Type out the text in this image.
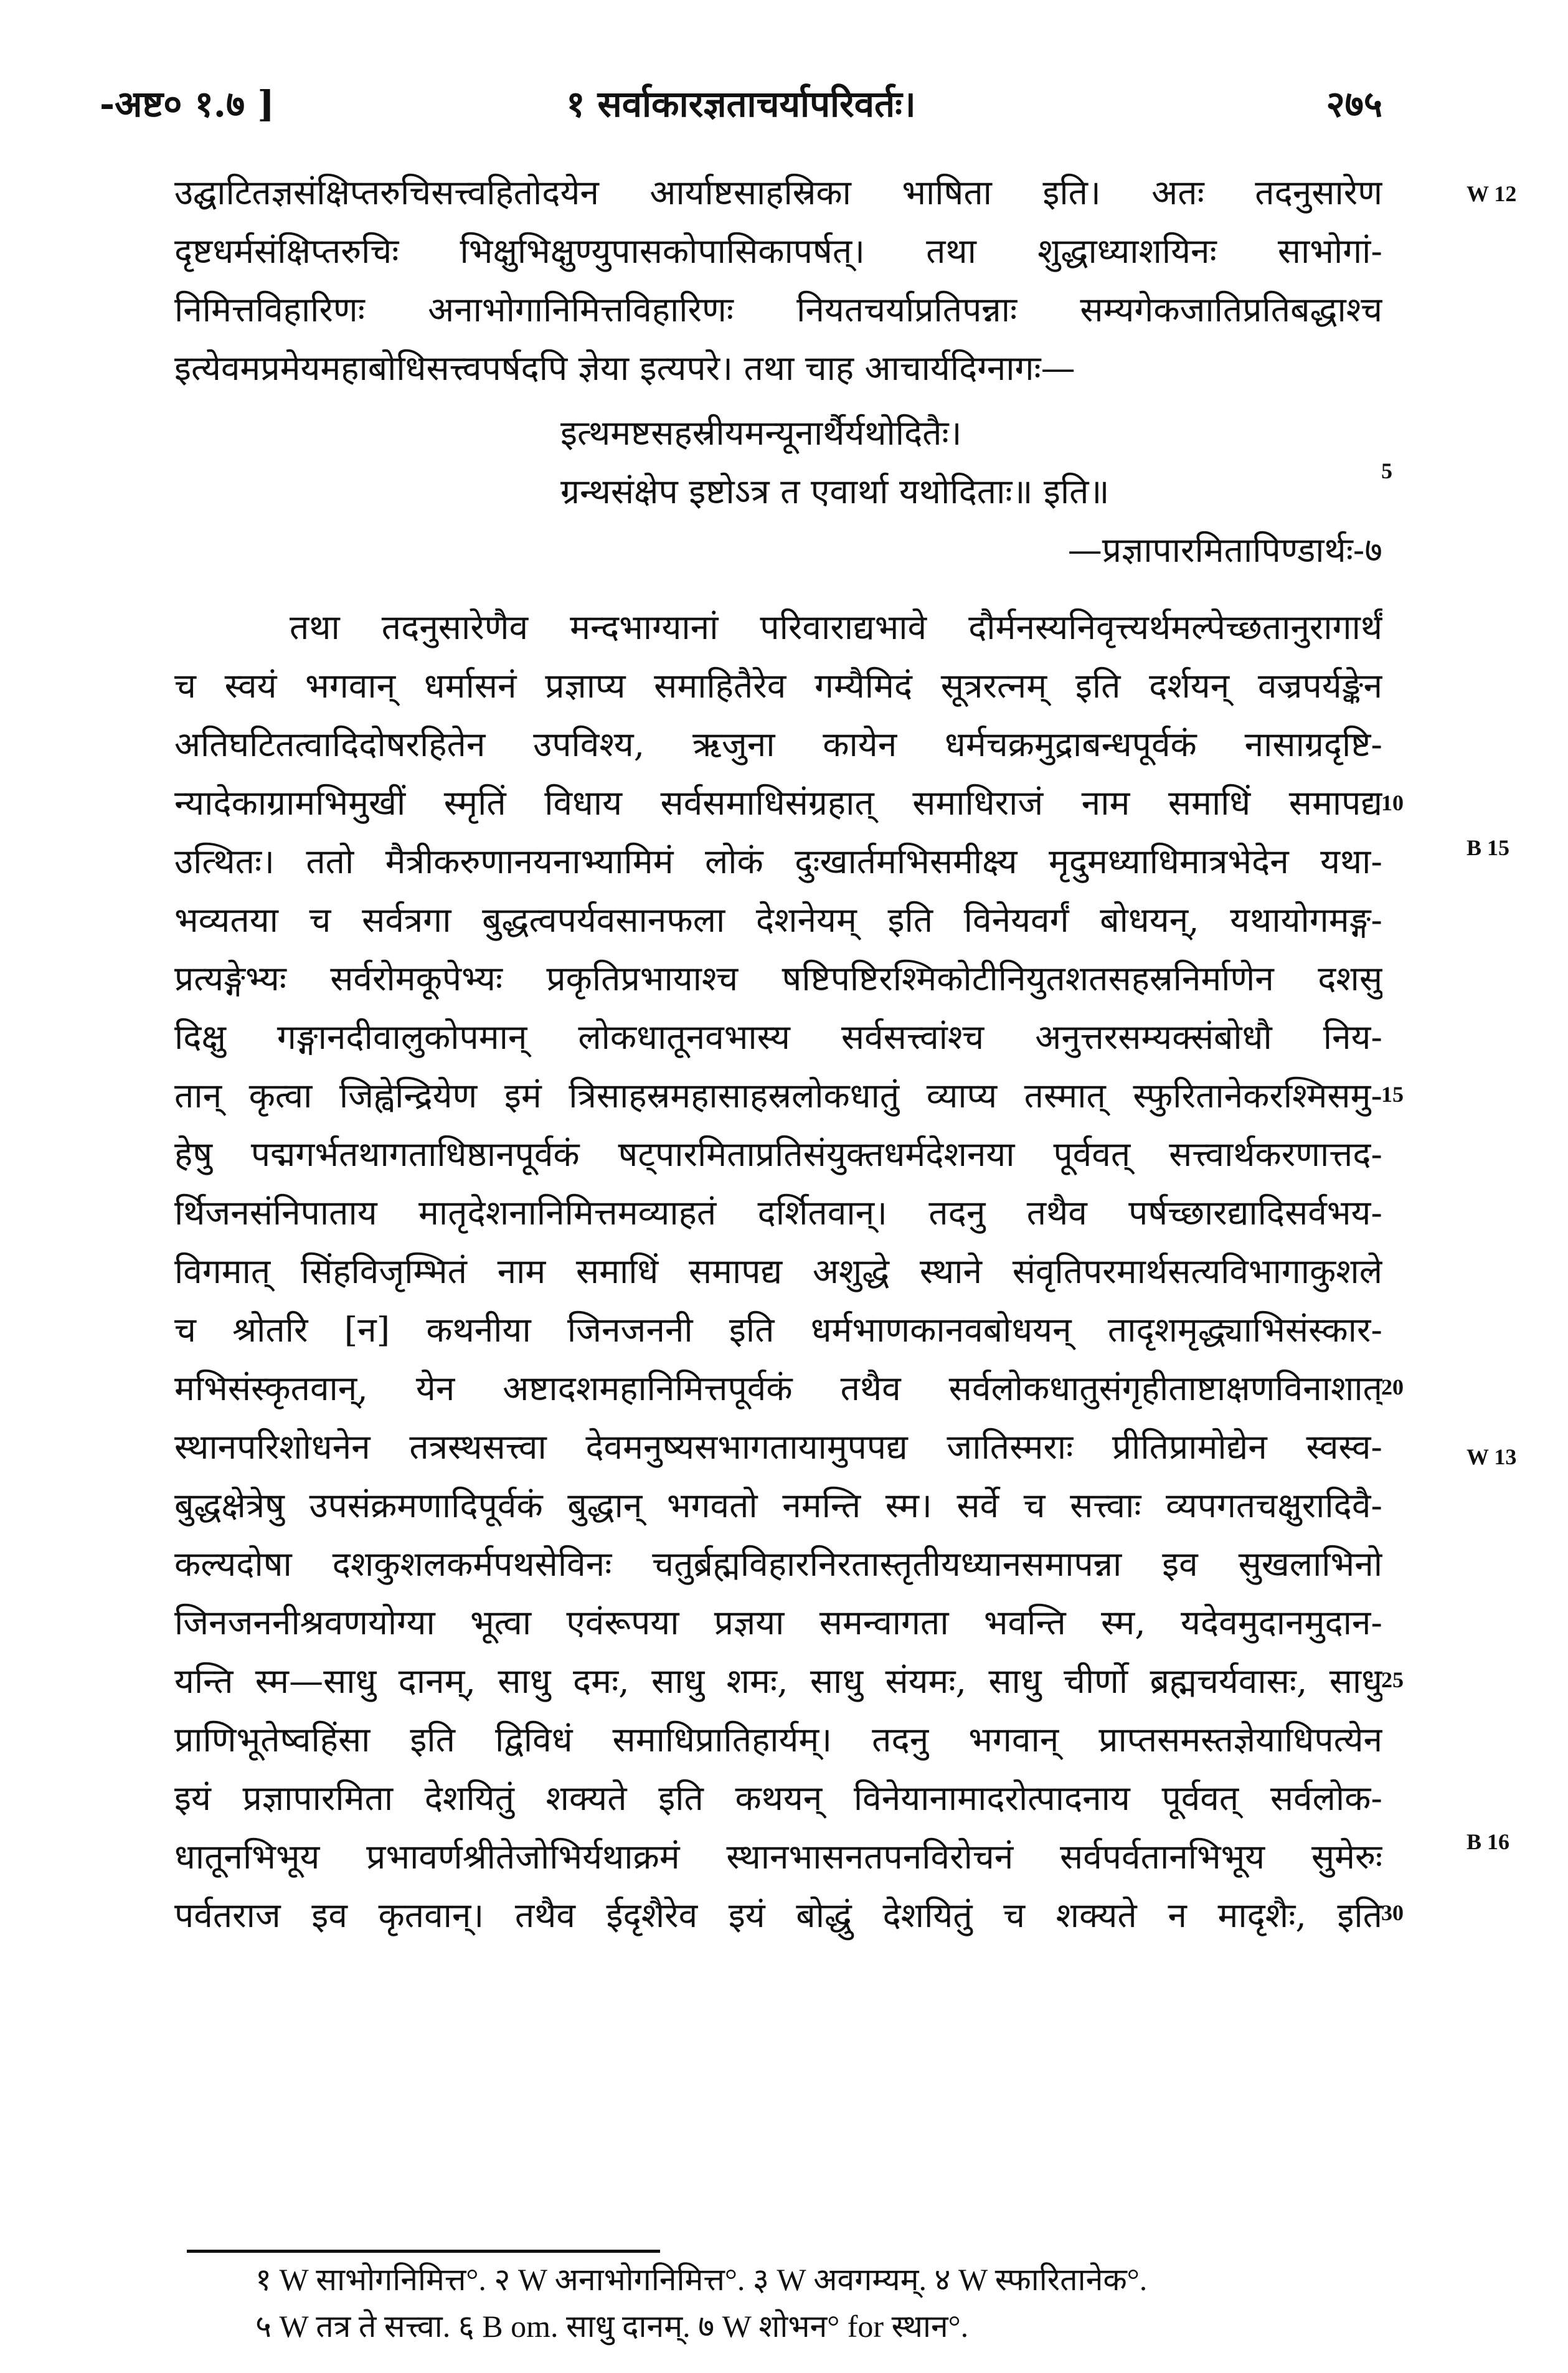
-अष्ट० १.७ ]	१ सर्वाकारज्ञताचर्यापरिवर्तः।	२७५
उद्घाटितज्ञसंक्षिप्तरुचिसत्त्वहितोदयेन आर्याष्टसाहस्रिका भाषिता इति। अतः तदनुसारेण
दृष्टधर्मसंक्षिप्तरुचिः भिक्षुभिक्षुण्युपासकोपासिकापर्षत्। तथा शुद्धाध्याशयिनः साभोगां-
निमित्तविहारिणः अनाभोगानिमित्तविहारिणः नियतचर्याप्रतिपन्नाः सम्यगेकजातिप्रतिबद्धाश्च
इत्येवमप्रमेयमहाबोधिसत्त्वपर्षदपि ज्ञेया इत्यपरे। तथा चाह आचार्यदिग्नागः—
इत्थमष्टसहस्रीयमन्यूनार्थैर्यथोदितैः।
ग्रन्थसंक्षेप इष्टोऽत्र त एवार्था यथोदिताः॥ इति॥
—प्रज्ञापारमितापिण्डार्थः-७
तथा तदनुसारेणैव मन्दभाग्यानां परिवाराद्यभावे दौर्मनस्यनिवृत्त्यर्थमल्पेच्छतानुरागार्थं
च स्वयं भगवान् धर्मासनं प्रज्ञाप्य समाहितैरेव गम्यैमिदं सूत्ररत्नम् इति दर्शयन् वज्रपर्यङ्केन
अतिघटितत्वादिदोषरहितेन उपविश्य, ऋजुना कायेन धर्मचक्रमुद्राबन्धपूर्वकं नासाग्रदृष्टि-
न्यादेकाग्रामभिमुखीं स्मृतिं विधाय सर्वसमाधिसंग्रहात् समाधिराजं नाम समाधिं समापद्य
उत्थितः। ततो मैत्रीकरुणानयनाभ्यामिमं लोकं दुःखार्तमभिसमीक्ष्य मृदुमध्याधिमात्रभेदेन यथा-
भव्यतया च सर्वत्रगा बुद्धत्वपर्यवसानफला देशनेयम् इति विनेयवर्गं बोधयन्, यथायोगमङ्ग-
प्रत्यङ्गेभ्यः सर्वरोमकूपेभ्यः प्रकृतिप्रभायाश्च षष्टिपष्टिरश्मिकोटीनियुतशतसहस्रनिर्माणेन दशसु
दिक्षु गङ्गानदीवालुकोपमान् लोकधातूनवभास्य सर्वसत्त्वांश्च अनुत्तरसम्यक्संबोधौ निय-
तान् कृत्वा जिह्वेन्द्रियेण इमं त्रिसाहस्रमहासाहस्रलोकधातुं व्याप्य तस्मात् स्फुरितानेकरश्मिसमु-
हेषु पद्मगर्भतथागताधिष्ठानपूर्वकं षट्पारमिताप्रतिसंयुक्तधर्मदेशनया पूर्ववत् सत्त्वार्थकरणात्तद-
र्थिजनसंनिपाताय मातृदेशनानिमित्तमव्याहतं दर्शितवान्। तदनु तथैव पर्षच्छारद्यादिसर्वभय-
विगमात् सिंहविजृम्भितं नाम समाधिं समापद्य अशुद्धे स्थाने संवृतिपरमार्थसत्यविभागाकुशले
च श्रोतरि [न] कथनीया जिनजननी इति धर्मभाणकानवबोधयन् तादृशमृद्ध्याभिसंस्कार-
मभिसंस्कृतवान्, येन अष्टादशमहानिमित्तपूर्वकं तथैव सर्वलोकधातुसंगृहीताष्टाक्षणविनाशात्
स्थानपरिशोधनेन तत्रस्थसत्त्वा देवमनुष्यसभागतायामुपपद्य जातिस्मराः प्रीतिप्रामोद्येन स्वस्व-
बुद्धक्षेत्रेषु उपसंक्रमणादिपूर्वकं बुद्धान् भगवतो नमन्ति स्म। सर्वे च सत्त्वाः व्यपगतचक्षुरादिवै-
कल्यदोषा दशकुशलकर्मपथसेविनः चतुर्ब्रह्मविहारनिरतास्तृतीयध्यानसमापन्ना इव सुखलाभिनो
जिनजननीश्रवणयोग्या भूत्वा एवंरूपया प्रज्ञया समन्वागता भवन्ति स्म, यदेवमुदानमुदान-
यन्ति स्म—साधु दानम्, साधु दमः, साधु शमः, साधु संयमः, साधु चीर्णो ब्रह्मचर्यवासः, साधु
प्राणिभूतेष्वहिंसा इति द्विविधं समाधिप्रातिहार्यम्। तदनु भगवान् प्राप्तसमस्तज्ञेयाधिपत्येन
इयं प्रज्ञापारमिता देशयितुं शक्यते इति कथयन् विनेयानामादरोत्पादनाय पूर्ववत् सर्वलोक-
धातूनभिभूय प्रभावर्णश्रीतेजोभिर्यथाक्रमं स्थानभासनतपनविरोचनं सर्वपर्वतानभिभूय सुमेरुः
पर्वतराज इव कृतवान्। तथैव ईदृशैरेव इयं बोद्धुं देशयितुं च शक्यते न मादृशैः, इति
5
10
15
20
25
30
W 12
B 15
W 13
B 16
१ W साभोगनिमित्त°. २ W अनाभोगनिमित्त°. ३ W अवगम्यम्. ४ W स्फारितानेक°.
५ W तत्र ते सत्त्वा. ६ B om. साधु दानम्. ७ W शोभन° for स्थान°.
